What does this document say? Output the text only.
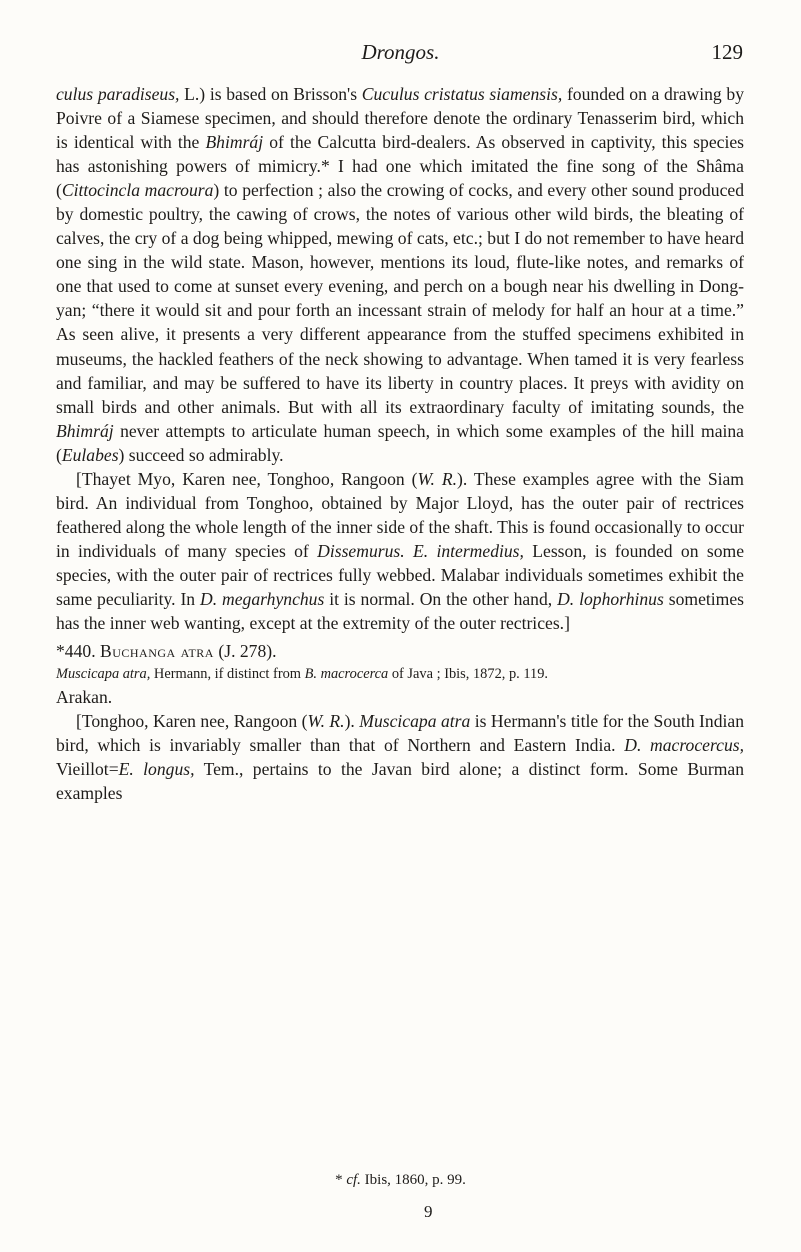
Drongos.	129

culus paradiseus, L.) is based on Brisson's Cuculus cristatus siamensis, founded on a drawing by Poivre of a Siamese specimen, and should therefore denote the ordinary Tenasserim bird, which is identical with the Bhimráj of the Calcutta bird-dealers. As observed in captivity, this species has astonishing powers of mimicry.* I had one which imitated the fine song of the Shâma (Cittocincla macroura) to perfection ; also the crowing of cocks, and every other sound produced by domestic poultry, the cawing of crows, the notes of various other wild birds, the bleating of calves, the cry of a dog being whipped, mewing of cats, etc.; but I do not remember to have heard one sing in the wild state. Mason, however, mentions its loud, flute-like notes, and remarks of one that used to come at sunset every evening, and perch on a bough near his dwelling in Dong-yan; “there it would sit and pour forth an incessant strain of melody for half an hour at a time.” As seen alive, it presents a very different appearance from the stuffed specimens exhibited in museums, the hackled feathers of the neck showing to advantage. When tamed it is very fearless and familiar, and may be suffered to have its liberty in country places. It preys with avidity on small birds and other animals. But with all its extraordinary faculty of imitating sounds, the Bhimráj never attempts to articulate human speech, in which some examples of the hill maina (Eulabes) succeed so admirably.

[Thayet Myo, Karen nee, Tonghoo, Rangoon (W. R.). These examples agree with the Siam bird. An individual from Tonghoo, obtained by Major Lloyd, has the outer pair of rectrices feathered along the whole length of the inner side of the shaft. This is found occasionally to occur in individuals of many species of Dissemurus. E. intermedius, Lesson, is founded on some species, with the outer pair of rectrices fully webbed. Malabar individuals sometimes exhibit the same peculiarity. In D. megarhynchus it is normal. On the other hand, D. lophorhinus sometimes has the inner web wanting, except at the extremity of the outer rectrices.]

*440. Buchanga atra (J. 278).

Muscicapa atra, Hermann, if distinct from B. macrocerca of Java ; Ibis, 1872, p. 119.

Arakan.

[Tonghoo, Karen nee, Rangoon (W. R.). Muscicapa atra is Hermann's title for the South Indian bird, which is invariably smaller than that of Northern and Eastern India. D. macrocercus, Vieillot=E. longus, Tem., pertains to the Javan bird alone; a distinct form. Some Burman examples

* cf. Ibis, 1860, p. 99.
9
